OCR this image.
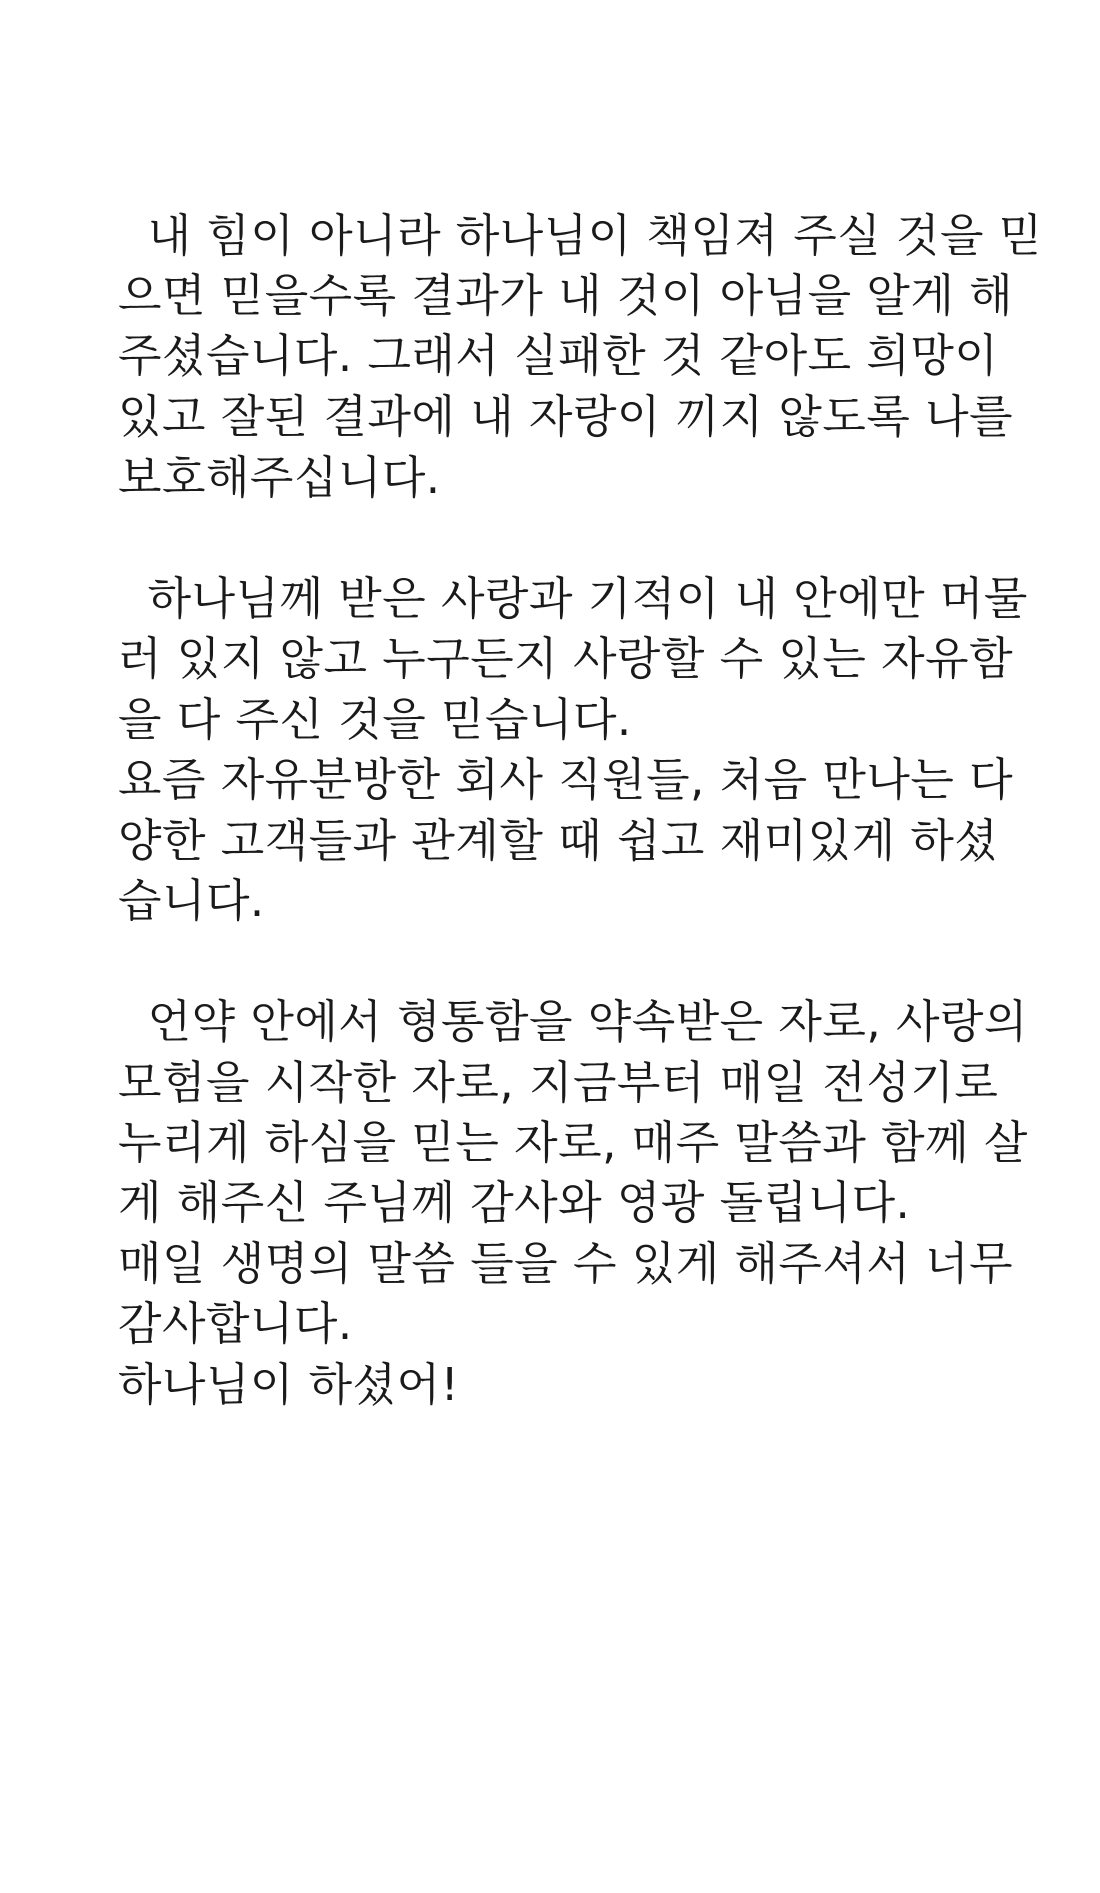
내 힘이 아니라 하나님이 책임져 주실 것을 믿
으면 믿을수록 결과가 내 것이 아님을 알게 해
주셨습니다. 그래서 실패한 것 같아도 희망이
있고 잘된 결과에 내 자랑이 끼지 않도록 나를
보호해주십니다.
하나님께 받은 사랑과 기적이 내 안에만 머물
러 있지 않고 누구든지 사랑할 수 있는 자유함
을 다 주신 것을 믿습니다.
요즘 자유분방한 회사 직원들, 처음 만나는 다
양한 고객들과 관계할 때 쉽고 재미있게 하셨
습니다.
언약 안에서 형통함을 약속받은 자로, 사랑의
모험을 시작한 자로, 지금부터 매일 전성기로
누리게 하심을 믿는 자로, 매주 말씀과 함께 살
게 해주신 주님께 감사와 영광 돌립니다.
매일 생명의 말씀 들을 수 있게 해주셔서 너무
감사합니다.
하나님이 하셨어!
